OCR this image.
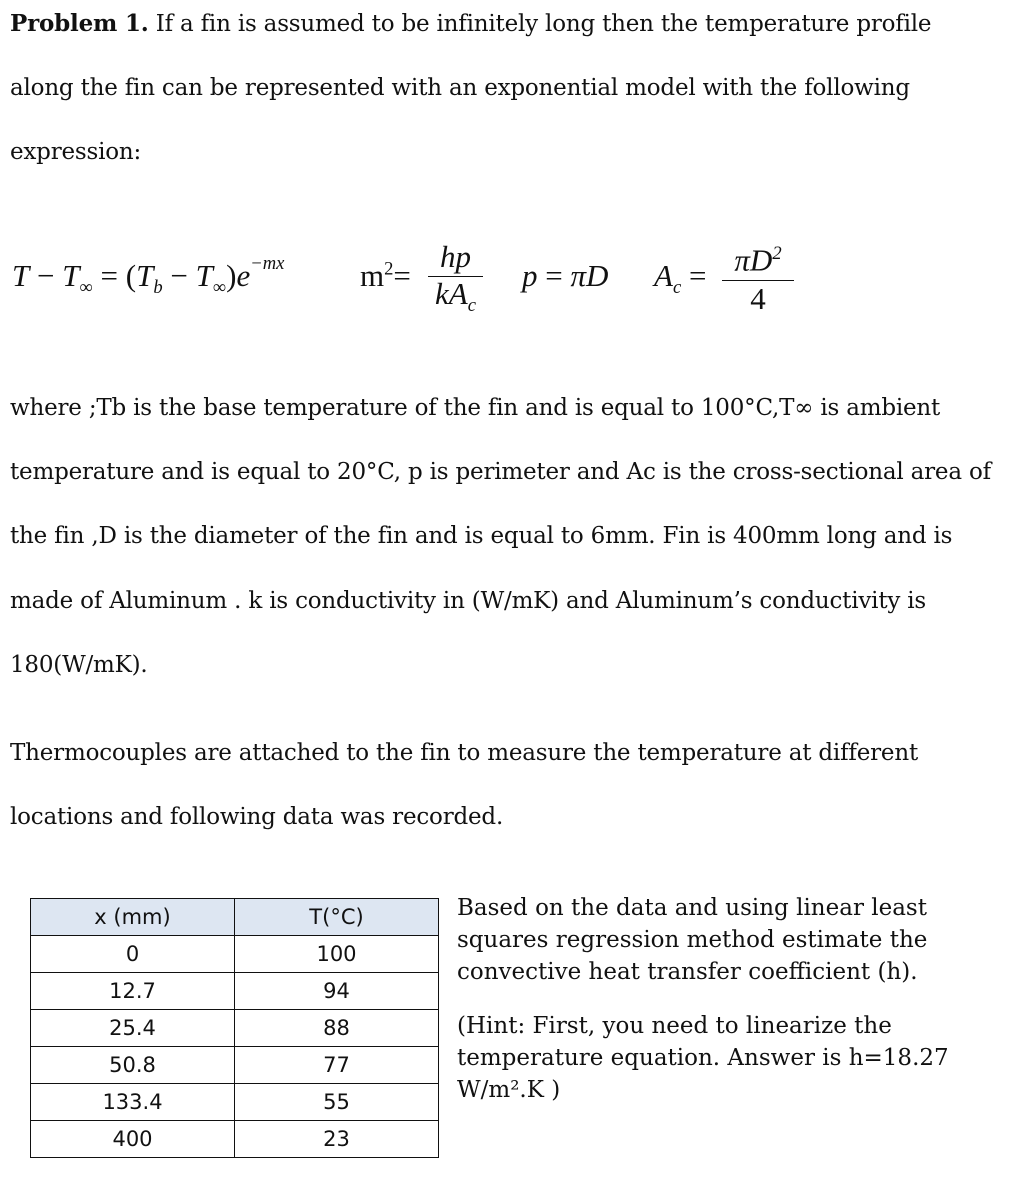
Problem 1. If a fin is assumed to be infinitely long then the temperature profile
along the fin can be represented with an exponential model with the following
expression:
$T - T_\infty = (T_b - T_\infty)e^{-mx}$ $m^2=$
hp
$kA_c$
p = πD $A_c = \pi D^2$
4
where ;Tb is the base temperature of the fin and is equal to 100°C,T∞ is ambient
temperature and is equal to 20°C, p is perimeter and Ac is the cross-sectional area of
the fin ,D is the diameter of the fin and is equal to 6mm. Fin is 400mm long and is
made of Aluminum . k is conductivity in (W/mK) and Aluminum’s conductivity is
180(W/mK).
Thermocouples are attached to the fin to measure the temperature at different
locations and following data was recorded.
x (mm)	T(°C)
0	100
12.7	94
25.4	88
50.8	77
133.4	55
400	23
Based on the data and using linear least squares regression method estimate the convective heat transfer coefficient (h).
(Hint: First, you need to linearize the temperature equation. Answer is h=18.27 W/m².K )
